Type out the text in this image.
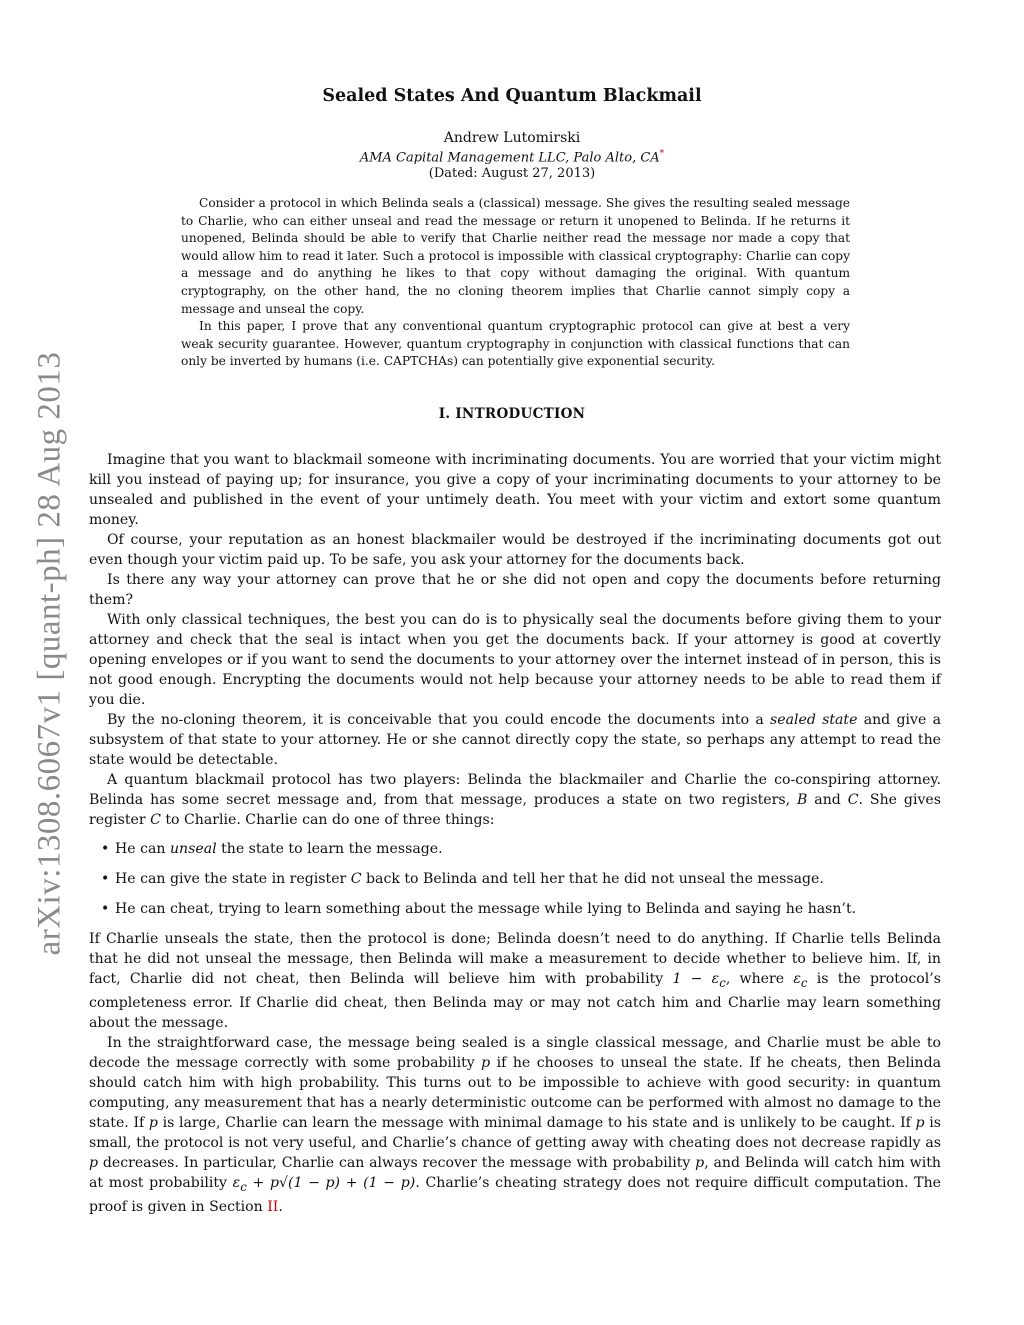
arXiv:1308.6067v1 [quant-ph] 28 Aug 2013
Sealed States And Quantum Blackmail
Andrew Lutomirski
AMA Capital Management LLC, Palo Alto, CA*
(Dated: August 27, 2013)

Consider a protocol in which Belinda seals a (classical) message. She gives the resulting sealed message to Charlie, who can either unseal and read the message or return it unopened to Belinda. If he returns it unopened, Belinda should be able to verify that Charlie neither read the message nor made a copy that would allow him to read it later. Such a protocol is impossible with classical cryptography: Charlie can copy a message and do anything he likes to that copy without damaging the original. With quantum cryptography, on the other hand, the no cloning theorem implies that Charlie cannot simply copy a message and unseal the copy.

In this paper, I prove that any conventional quantum cryptographic protocol can give at best a very weak security guarantee. However, quantum cryptography in conjunction with classical functions that can only be inverted by humans (i.e. CAPTCHAs) can potentially give exponential security.

I. INTRODUCTION

Imagine that you want to blackmail someone with incriminating documents. You are worried that your victim might kill you instead of paying up; for insurance, you give a copy of your incriminating documents to your attorney to be unsealed and published in the event of your untimely death. You meet with your victim and extort some quantum money.

Of course, your reputation as an honest blackmailer would be destroyed if the incriminating documents got out even though your victim paid up. To be safe, you ask your attorney for the documents back.

Is there any way your attorney can prove that he or she did not open and copy the documents before returning them?

With only classical techniques, the best you can do is to physically seal the documents before giving them to your attorney and check that the seal is intact when you get the documents back. If your attorney is good at covertly opening envelopes or if you want to send the documents to your attorney over the internet instead of in person, this is not good enough. Encrypting the documents would not help because your attorney needs to be able to read them if you die.

By the no-cloning theorem, it is conceivable that you could encode the documents into a sealed state and give a subsystem of that state to your attorney. He or she cannot directly copy the state, so perhaps any attempt to read the state would be detectable.

A quantum blackmail protocol has two players: Belinda the blackmailer and Charlie the co-conspiring attorney. Belinda has some secret message and, from that message, produces a state on two registers, B and C. She gives register C to Charlie. Charlie can do one of three things:

• He can unseal the state to learn the message.
• He can give the state in register C back to Belinda and tell her that he did not unseal the message.
• He can cheat, trying to learn something about the message while lying to Belinda and saying he hasn’t.

If Charlie unseals the state, then the protocol is done; Belinda doesn’t need to do anything. If Charlie tells Belinda that he did not unseal the message, then Belinda will make a measurement to decide whether to believe him. If, in fact, Charlie did not cheat, then Belinda will believe him with probability $1 - \varepsilon_c$, where $\varepsilon_c$ is the protocol’s completeness error. If Charlie did cheat, then Belinda may or may not catch him and Charlie may learn something about the message.

In the straightforward case, the message being sealed is a single classical message, and Charlie must be able to decode the message correctly with some probability p if he chooses to unseal the state. If he cheats, then Belinda should catch him with high probability. This turns out to be impossible to achieve with good security: in quantum computing, any measurement that has a nearly deterministic outcome can be performed with almost no damage to the state. If p is large, Charlie can learn the message with minimal damage to his state and is unlikely to be caught. If p is small, the protocol is not very useful, and Charlie’s chance of getting away with cheating does not decrease rapidly as p decreases. In particular, Charlie can always recover the message with probability p, and Belinda will catch him with at most probability $\varepsilon_c + p√(1 - p) + (1 - p)$. Charlie’s cheating strategy does not require difficult computation. The proof is given in Section II.
